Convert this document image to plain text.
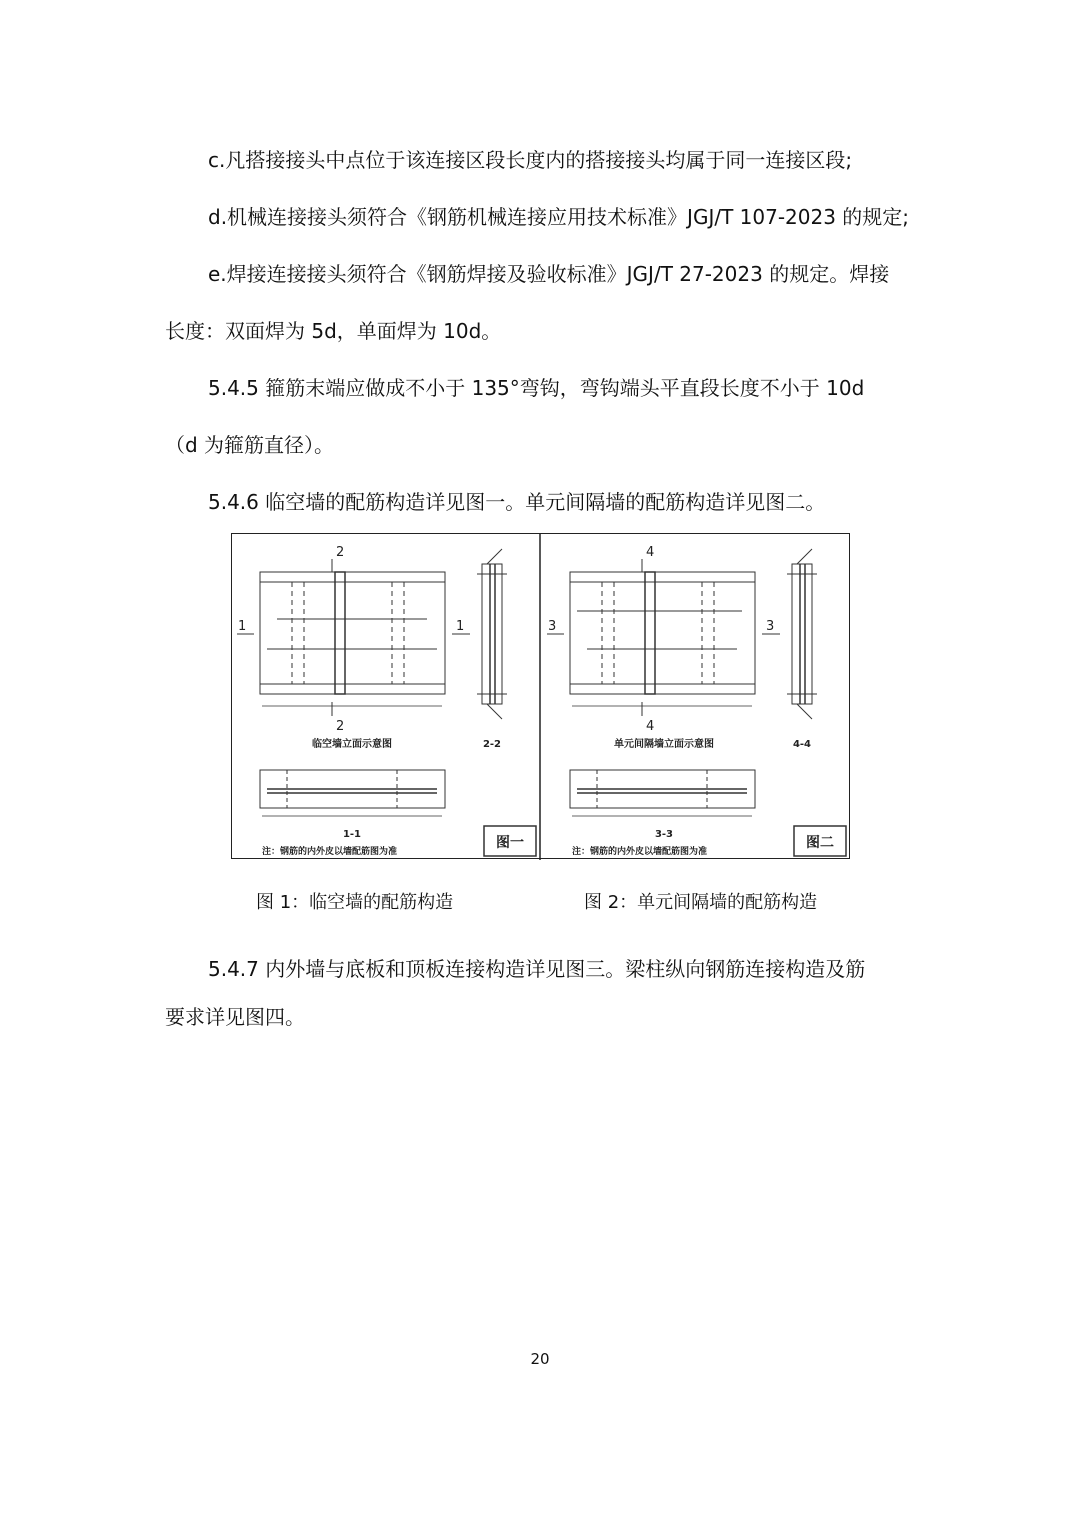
c.凡搭接接头中点位于该连接区段长度内的搭接接头均属于同一连接区段;
d.机械连接接头须符合《钢筋机械连接应用技术标准》JGJ/T 107-2023 的规定;
e.焊接连接接头须符合《钢筋焊接及验收标准》JGJ/T 27-2023 的规定。焊接
长度：双面焊为 5d，单面焊为 10d。
5.4.5 箍筋末端应做成不小于 135°弯钩，弯钩端头平直段长度不小于 10d
（d 为箍筋直径）。
5.4.6 临空墙的配筋构造详见图一。单元间隔墙的配筋构造详见图二。
2
2
1	1
临空墙立面示意图	2-2
1-1
注：钢筋的内外皮以墙配筋图为准
图一
4
4
3	3
单元间隔墙立面示意图	4-4
3-3
注：钢筋的内外皮以墙配筋图为准
图二
图 1：临空墙的配筋构造	图 2：单元间隔墙的配筋构造
5.4.7 内外墙与底板和顶板连接构造详见图三。梁柱纵向钢筋连接构造及筋
要求详见图四。
20
